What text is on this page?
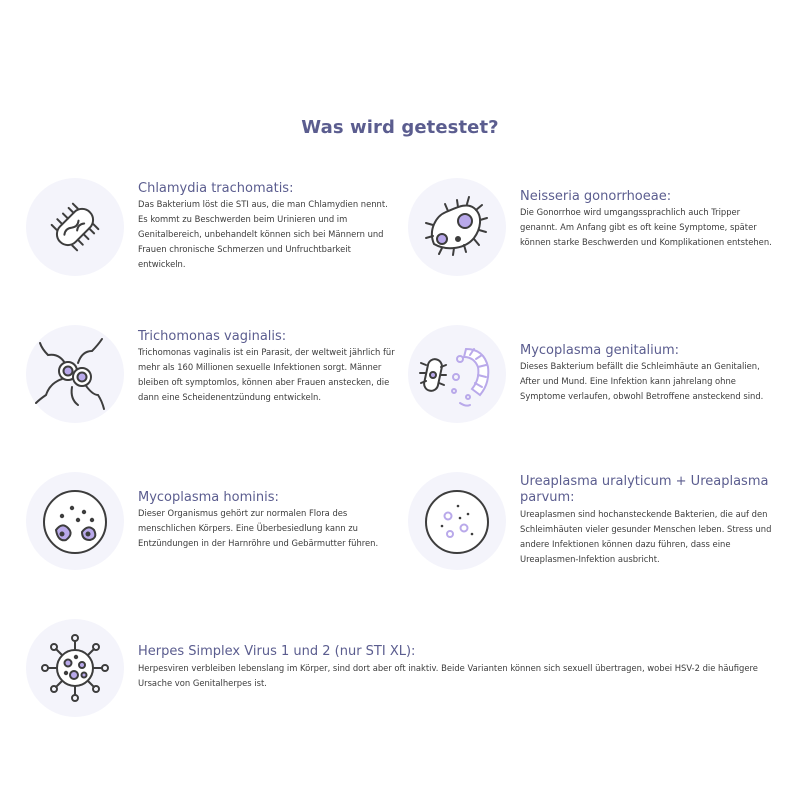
Was wird getestet?
Chlamydia trachomatis:

Das Bakterium löst die STI aus, die man Chlamydien nennt. Es kommt zu Beschwerden beim Urinieren und im Genitalbereich, unbehandelt können sich bei Männern und Frauen chronische Schmerzen und Unfruchtbarkeit entwickeln.

Neisseria gonorrhoeae:

Die Gonorrhoe wird umgangssprachlich auch Tripper genannt. Am Anfang gibt es oft keine Symptome, später können starke Beschwerden und Komplikationen entstehen.

Trichomonas vaginalis:

Trichomonas vaginalis ist ein Parasit, der weltweit jährlich für mehr als 160 Millionen sexuelle Infektionen sorgt. Männer bleiben oft symptomlos, können aber Frauen anstecken, die dann eine Scheidenentzündung entwickeln.

Mycoplasma genitalium:

Dieses Bakterium befällt die Schleimhäute an Genitalien, After und Mund. Eine Infektion kann jahrelang ohne Symptome verlaufen, obwohl Betroffene ansteckend sind.

Mycoplasma hominis:

Dieser Organismus gehört zur normalen Flora des menschlichen Körpers. Eine Überbesiedlung kann zu Entzündungen in der Harnröhre und Gebärmutter führen.

Ureaplasma uralyticum + Ureaplasma parvum:

Ureaplasmen sind hochansteckende Bakterien, die auf den Schleimhäuten vieler gesunder Menschen leben. Stress und andere Infektionen können dazu führen, dass eine Ureaplasmen-Infektion ausbricht.

Herpes Simplex Virus 1 und 2 (nur STI XL):

Herpesviren verbleiben lebenslang im Körper, sind dort aber oft inaktiv. Beide Varianten können sich sexuell übertragen, wobei HSV-2 die häufigere Ursache von Genitalherpes ist.
